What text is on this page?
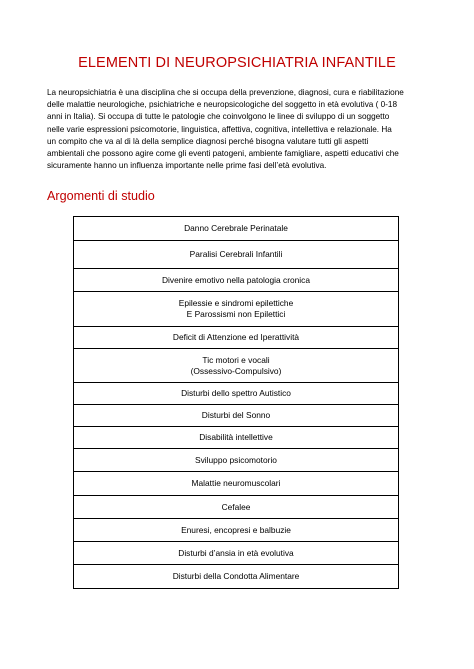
ELEMENTI DI NEUROPSICHIATRIA INFANTILE
La neuropsichiatria è una disciplina che si occupa della prevenzione, diagnosi, cura e riabilitazione
delle malattie neurologiche, psichiatriche e neuropsicologiche del soggetto in età evolutiva ( 0-18
anni in Italia). Si occupa di tutte le patologie che coinvolgono le linee di sviluppo di un soggetto
nelle varie espressioni psicomotorie, linguistica, affettiva, cognitiva, intellettiva e relazionale. Ha
un compito che va al di là della semplice diagnosi perché bisogna valutare tutti gli aspetti
ambientali che possono agire come gli eventi patogeni, ambiente famigliare, aspetti educativi che
sicuramente hanno un influenza importante nelle prime fasi dell’età evolutiva.
Argomenti di studio
Danno Cerebrale Perinatale

Paralisi Cerebrali Infantili

Divenire emotivo nella patologia cronica

Epilessie e sindromi epilettiche
E Parossismi non Epilettici

Deficit di Attenzione ed Iperattività

Tic motori e vocali
(Ossessivo-Compulsivo)

Disturbi dello spettro Autistico

Disturbi del Sonno

Disabilità intellettive

Sviluppo psicomotorio

Malattie neuromuscolari

Cefalee

Enuresi, encopresi e balbuzie

Disturbi d’ansia in età evolutiva

Disturbi della Condotta Alimentare
